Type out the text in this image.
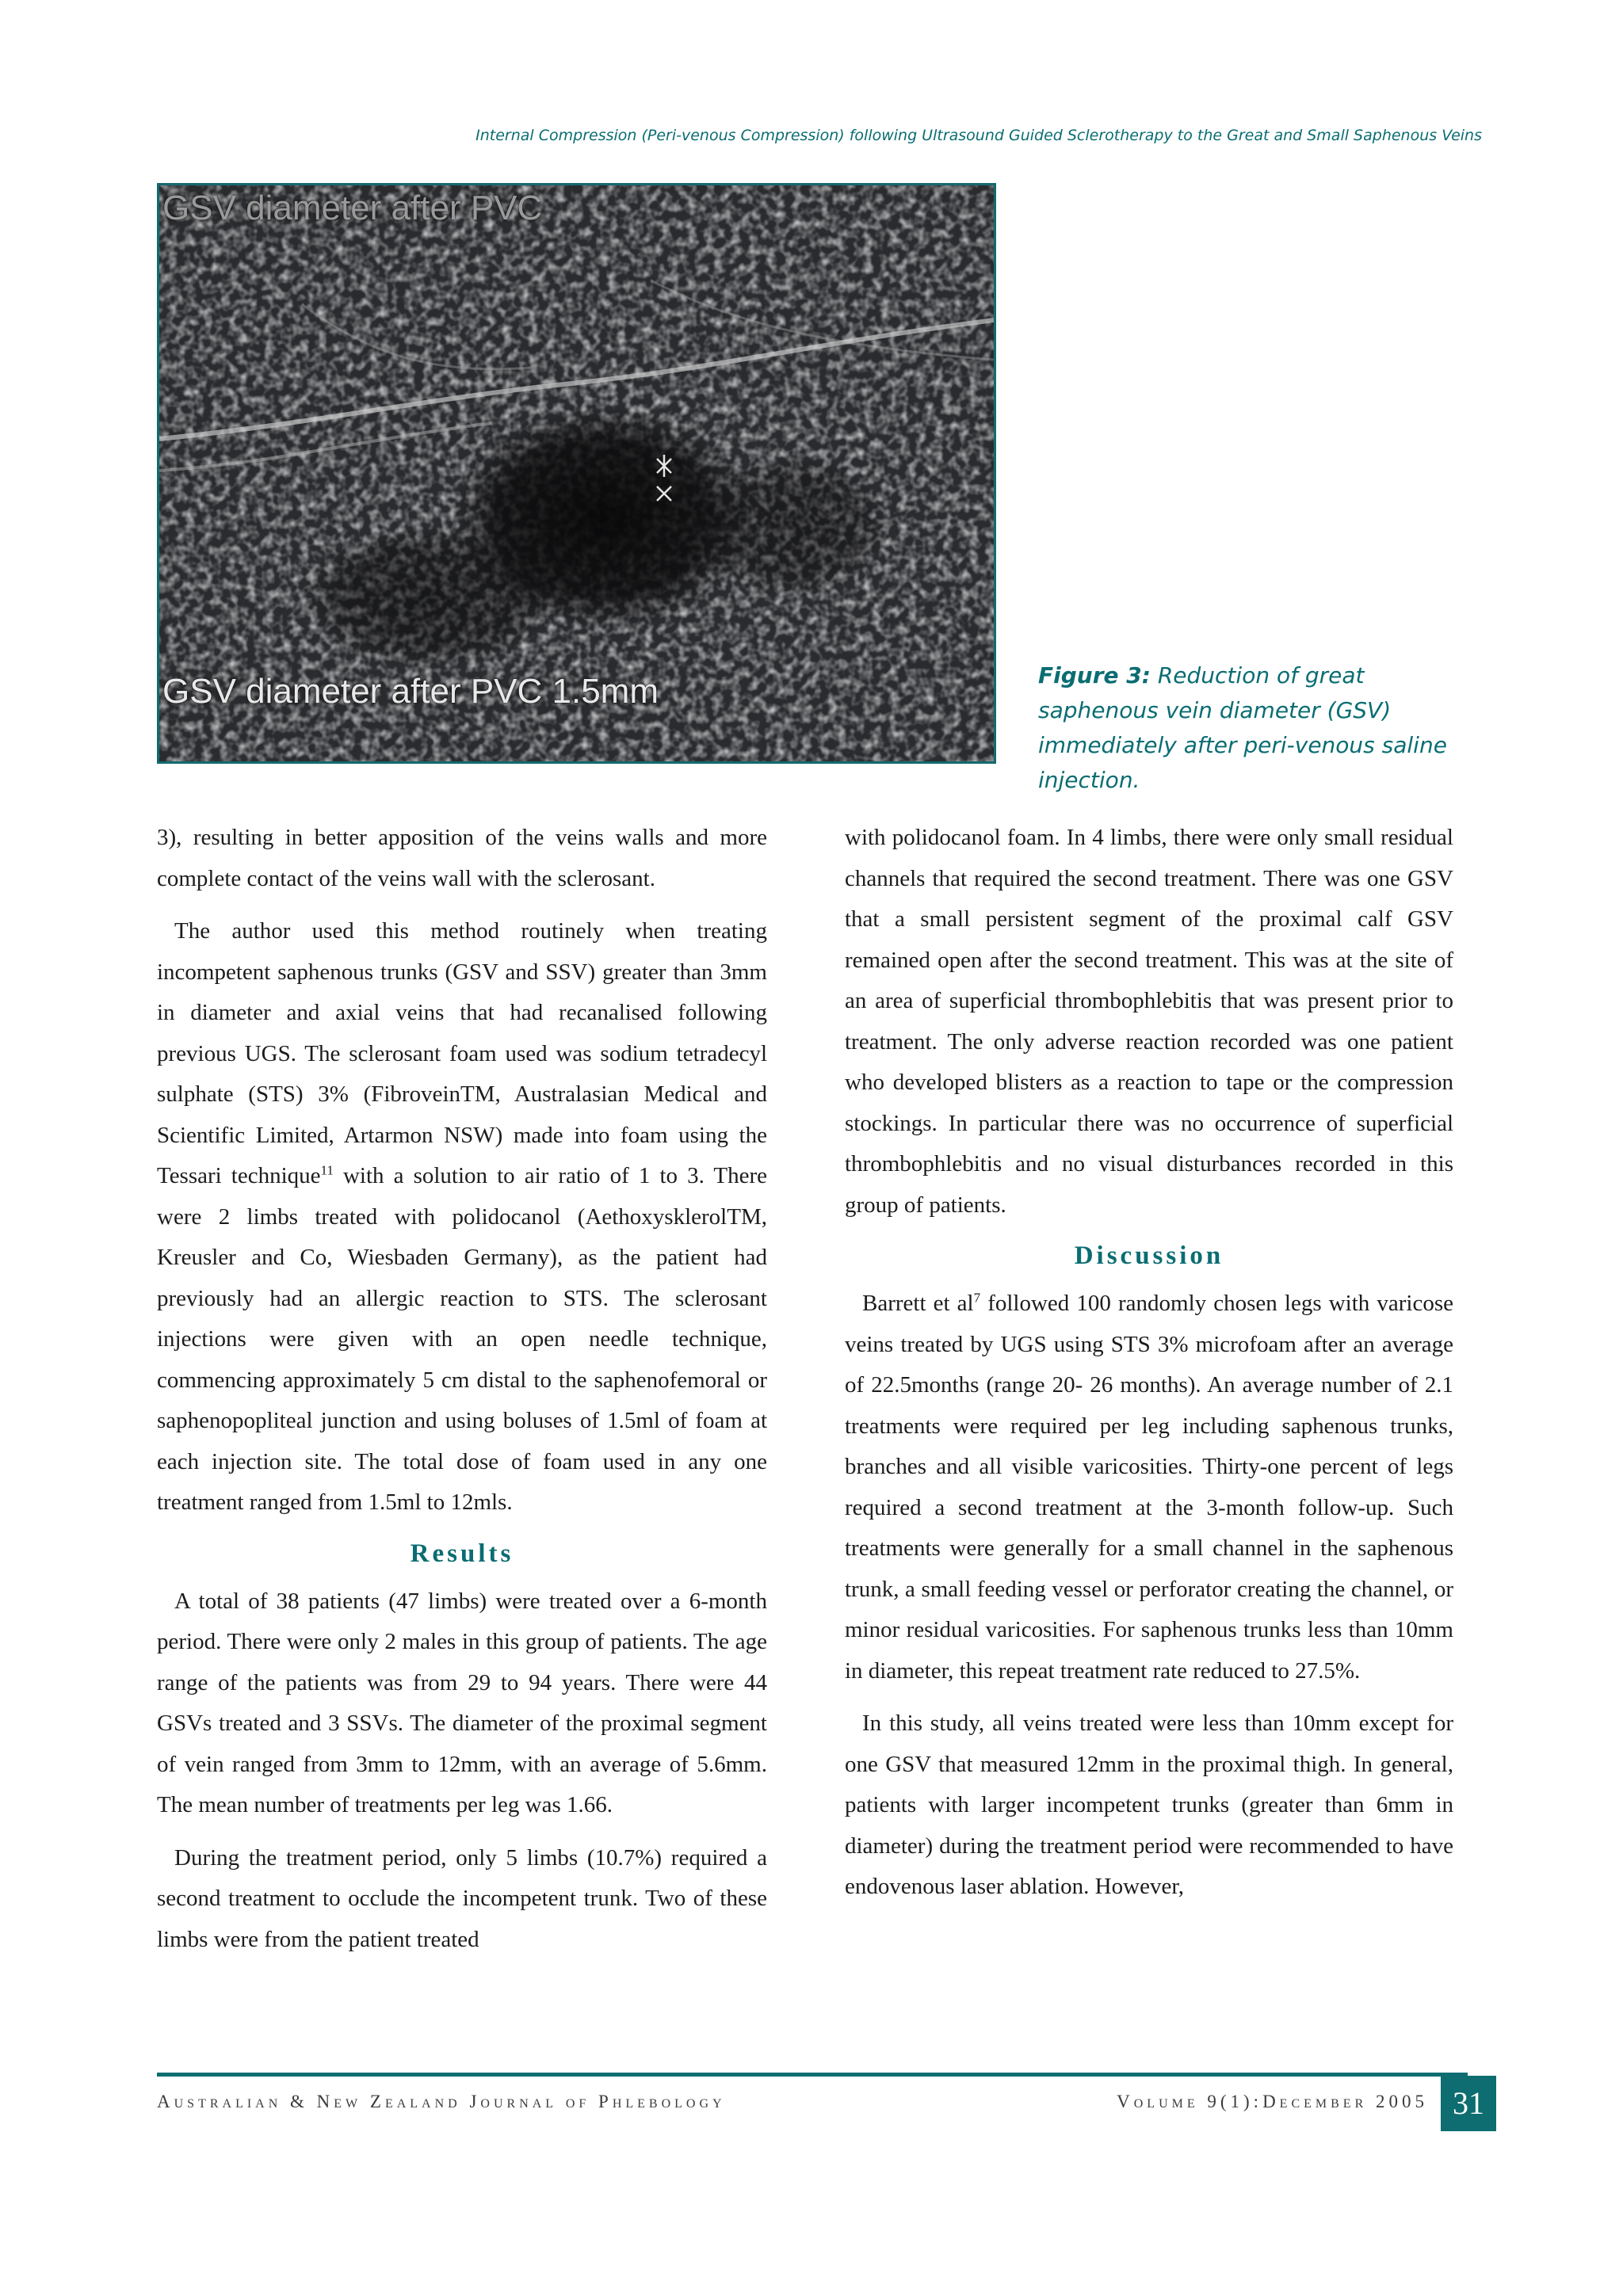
Internal Compression (Peri-venous Compression) following Ultrasound Guided Sclerotherapy to the Great and Small Saphenous Veins
GSV diameter after PVC
GSV diameter after PVC 1.5mm	Figure 3: Reduction of great saphenous vein diameter (GSV) immediately after peri-venous saline injection.

3), resulting in better apposition of the veins walls and more complete contact of the veins wall with the sclerosant.

The author used this method routinely when treating incompetent saphenous trunks (GSV and SSV) greater than 3mm in diameter and axial veins that had recanalised following previous UGS. The sclerosant foam used was sodium tetradecyl sulphate (STS) 3% (FibroveinTM, Australasian Medical and Scientific Limited, Artarmon NSW) made into foam using the Tessari technique$^{11}$ with a solution to air ratio of 1 to 3. There were 2 limbs treated with polidocanol (AethoxysklerolTM, Kreusler and Co, Wiesbaden Germany), as the patient had previously had an allergic reaction to STS. The sclerosant injections were given with an open needle technique, commencing approximately 5 cm distal to the saphenofemoral or saphenopopliteal junction and using boluses of 1.5ml of foam at each injection site. The total dose of foam used in any one treatment ranged from 1.5ml to 12mls.

Results

A total of 38 patients (47 limbs) were treated over a 6-month period. There were only 2 males in this group of patients. The age range of the patients was from 29 to 94 years. There were 44 GSVs treated and 3 SSVs. The diameter of the proximal segment of vein ranged from 3mm to 12mm, with an average of 5.6mm. The mean number of treatments per leg was 1.66.

During the treatment period, only 5 limbs (10.7%) required a second treatment to occlude the incompetent trunk. Two of these limbs were from the patient treated

with polidocanol foam. In 4 limbs, there were only small residual channels that required the second treatment. There was one GSV that a small persistent segment of the proximal calf GSV remained open after the second treatment. This was at the site of an area of superficial thrombophlebitis that was present prior to treatment. The only adverse reaction recorded was one patient who developed blisters as a reaction to tape or the compression stockings. In particular there was no occurrence of superficial thrombophlebitis and no visual disturbances recorded in this group of patients.

Discussion

Barrett et $al^7$ followed 100 randomly chosen legs with varicose veins treated by UGS using STS 3% microfoam after an average of 22.5months (range 20- 26 months). An average number of 2.1 treatments were required per leg including saphenous trunks, branches and all visible varicosities. Thirty-one percent of legs required a second treatment at the 3-month follow-up. Such treatments were generally for a small channel in the saphenous trunk, a small feeding vessel or perforator creating the channel, or minor residual varicosities. For saphenous trunks less than 10mm in diameter, this repeat treatment rate reduced to 27.5%.

In this study, all veins treated were less than 10mm except for one GSV that measured 12mm in the proximal thigh. In general, patients with larger incompetent trunks (greater than 6mm in diameter) during the treatment period were recommended to have endovenous laser ablation. However,

Australian & New Zealand Journal of Phlebology	Volume 9(1):December 2005 31
